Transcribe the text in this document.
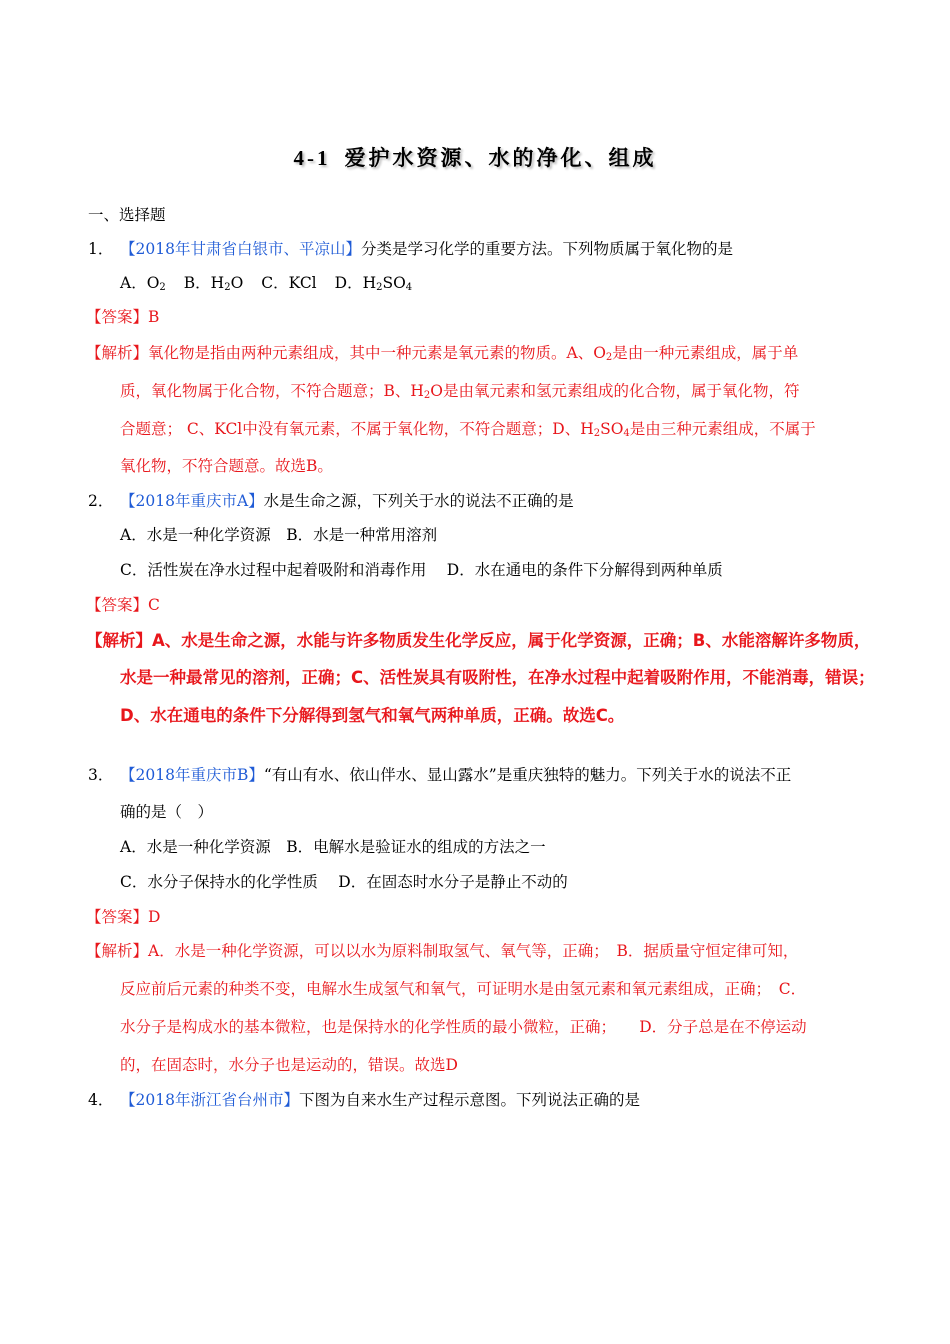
4-1 爱护水资源、水的净化、组成
一、选择题
1． 【2018年甘肃省白银市、平凉山】分类是学习化学的重要方法。下列物质属于氧化物的是
A．$O_2$ B．$H_2O$ C．KCl D．$H_2SO_4$
【答案】B
【解析】氧化物是指由两种元素组成，其中一种元素是氧元素的物质。A、$O_2$是由一种元素组成，属于单
质，氧化物属于化合物，不符合题意；B、$H_2O$是由氧元素和氢元素组成的化合物，属于氧化物，符
合题意； C、KCl中没有氧元素，不属于氧化物，不符合题意；D、$H_2SO_4$是由三种元素组成，不属于
氧化物，不符合题意。故选B。
2． 【2018年重庆市A】水是生命之源，下列关于水的说法不正确的是
A．水是一种化学资源　B．水是一种常用溶剂
C．活性炭在净水过程中起着吸附和消毒作用　 D．水在通电的条件下分解得到两种单质
【答案】C
【解析】A、水是生命之源，水能与许多物质发生化学反应，属于化学资源，正确；B、水能溶解许多物质，
水是一种最常见的溶剂，正确；C、活性炭具有吸附性，在净水过程中起着吸附作用，不能消毒，错误；
D、水在通电的条件下分解得到氢气和氧气两种单质，正确。故选C。
3． 【2018年重庆市B】“有山有水、依山伴水、显山露水”是重庆独特的魅力。下列关于水的说法不正
确的是（　）
A．水是一种化学资源　B．电解水是验证水的组成的方法之一
C．水分子保持水的化学性质　 D．在固态时水分子是静止不动的
【答案】D
【解析】A．水是一种化学资源，可以以水为原料制取氢气、氧气等，正确；　B．据质量守恒定律可知，
反应前后元素的种类不变，电解水生成氢气和氧气，可证明水是由氢元素和氧元素组成，正确；　C．
水分子是构成水的基本微粒，也是保持水的化学性质的最小微粒，正确；　　D．分子总是在不停运动
的，在固态时，水分子也是运动的，错误。故选D
4． 【2018年浙江省台州市】下图为自来水生产过程示意图。下列说法正确的是
